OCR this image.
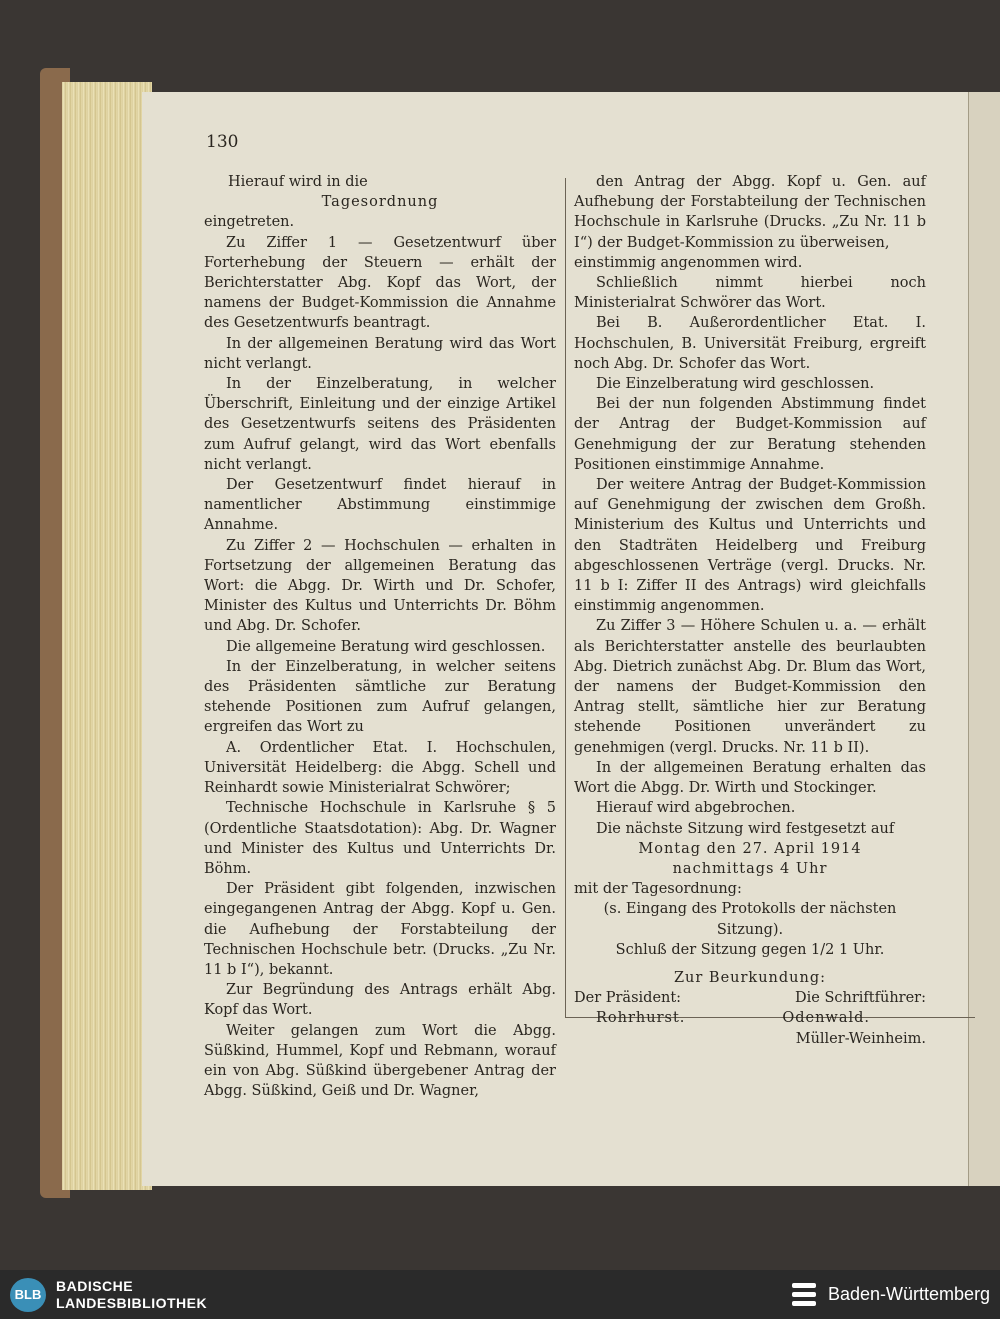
130

Hierauf wird in die

Tagesordnung

eingetreten.

Zu Ziffer 1 — Gesetzentwurf über Forterhebung der Steuern — erhält der Berichterstatter Abg. Kopf das Wort, der namens der Budget-Kommission die Annahme des Gesetzentwurfs beantragt.

In der allgemeinen Beratung wird das Wort nicht verlangt.

In der Einzelberatung, in welcher Überschrift, Einleitung und der einzige Artikel des Gesetzentwurfs seitens des Präsidenten zum Aufruf gelangt, wird das Wort ebenfalls nicht verlangt.

Der Gesetzentwurf findet hierauf in namentlicher Abstimmung einstimmige Annahme.

Zu Ziffer 2 — Hochschulen — erhalten in Fortsetzung der allgemeinen Beratung das Wort: die Abgg. Dr. Wirth und Dr. Schofer, Minister des Kultus und Unterrichts Dr. Böhm und Abg. Dr. Schofer.

Die allgemeine Beratung wird geschlossen.

In der Einzelberatung, in welcher seitens des Präsidenten sämtliche zur Beratung stehende Positionen zum Aufruf gelangen, ergreifen das Wort zu

A. Ordentlicher Etat. I. Hochschulen, Universität Heidelberg: die Abgg. Schell und Reinhardt sowie Ministerialrat Schwörer;

Technische Hochschule in Karlsruhe § 5 (Ordentliche Staatsdotation): Abg. Dr. Wagner und Minister des Kultus und Unterrichts Dr. Böhm.

Der Präsident gibt folgenden, inzwischen eingegangenen Antrag der Abgg. Kopf u. Gen. die Aufhebung der Forstabteilung der Technischen Hochschule betr. (Drucks. „Zu Nr. 11 b I“), bekannt.

Zur Begründung des Antrags erhält Abg. Kopf das Wort.

Weiter gelangen zum Wort die Abgg. Süßkind, Hummel, Kopf und Rebmann, worauf ein von Abg. Süßkind übergebener Antrag der Abgg. Süßkind, Geiß und Dr. Wagner,

den Antrag der Abgg. Kopf u. Gen. auf Aufhebung der Forstabteilung der Technischen Hochschule in Karlsruhe (Drucks. „Zu Nr. 11 b I“) der Budget-Kommission zu überweisen,

einstimmig angenommen wird.

Schließlich nimmt hierbei noch Ministerialrat Schwörer das Wort.

Bei B. Außerordentlicher Etat. I. Hochschulen, B. Universität Freiburg, ergreift noch Abg. Dr. Schofer das Wort.

Die Einzelberatung wird geschlossen.

Bei der nun folgenden Abstimmung findet der Antrag der Budget-Kommission auf Genehmigung der zur Beratung stehenden Positionen einstimmige Annahme.

Der weitere Antrag der Budget-Kommission auf Genehmigung der zwischen dem Großh. Ministerium des Kultus und Unterrichts und den Stadträten Heidelberg und Freiburg abgeschlossenen Verträge (vergl. Drucks. Nr. 11 b I: Ziffer II des Antrags) wird gleichfalls einstimmig angenommen.

Zu Ziffer 3 — Höhere Schulen u. a. — erhält als Berichterstatter anstelle des beurlaubten Abg. Dietrich zunächst Abg. Dr. Blum das Wort, der namens der Budget-Kommission den Antrag stellt, sämtliche hier zur Beratung stehende Positionen unverändert zu genehmigen (vergl. Drucks. Nr. 11 b II).

In der allgemeinen Beratung erhalten das Wort die Abgg. Dr. Wirth und Stockinger.

Hierauf wird abgebrochen.

Die nächste Sitzung wird festgesetzt auf

Montag den 27. April 1914

nachmittags 4 Uhr

mit der Tagesordnung:

(s. Eingang des Protokolls der nächsten Sitzung).

Schluß der Sitzung gegen 1/2 1 Uhr.

Zur Beurkundung:

Der Präsident:	Die Schriftführer:
Rohrhurst.	Odenwald.

Müller-Weinheim.

BLB
BADISCHE
LANDESBIBLIOTHEK	Baden-Württemberg
